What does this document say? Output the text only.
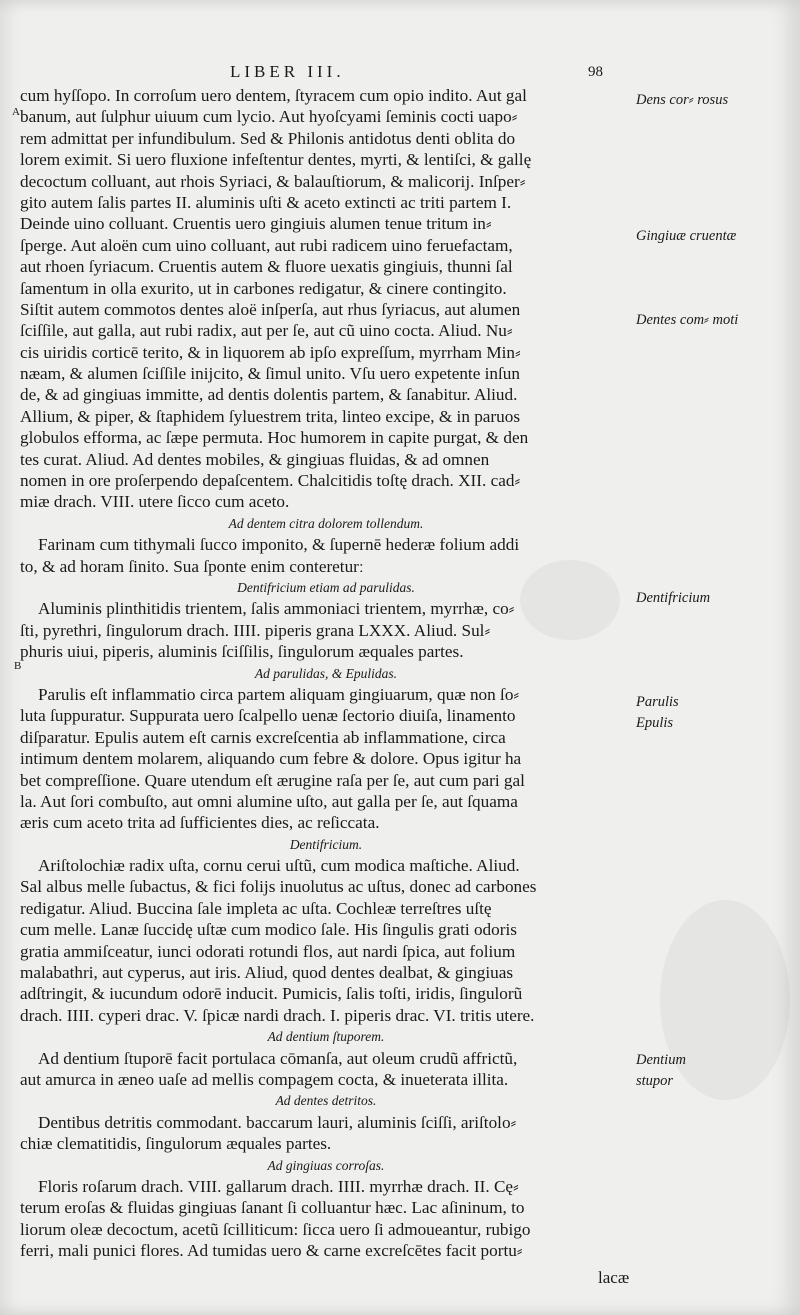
LIBER III.	98
A
B
cum hyſſopo. In corroſum uero dentem, ſtyracem cum opio indito. Aut gal
banum, aut ſulphur uiuum cum lycio. Aut hyoſcyami ſeminis cocti uapo⸗
rem admittat per infundibulum. Sed & Philonis antidotus denti oblita do
lorem eximit. Si uero fluxione infeſtentur dentes, myrti, & lentiſci, & gallę
decoctum colluant, aut rhois Syriaci, & balauſtiorum, & malicorij. Inſper⸗
gito autem ſalis partes II. aluminis uſti & aceto extincti ac triti partem I.
Deinde uino colluant. Cruentis uero gingiuis alumen tenue tritum in⸗
ſperge. Aut aloën cum uino colluant, aut rubi radicem uino feruefactam,
aut rhoen ſyriacum. Cruentis autem & fluore uexatis gingiuis, thunni ſal
ſamentum in olla exurito, ut in carbones redigatur, & cinere contingito.
Siſtit autem commotos dentes aloë inſperſa, aut rhus ſyriacus, aut alumen
ſciſſile, aut galla, aut rubi radix, aut per ſe, aut cũ uino cocta. Aliud. Nu⸗
cis uiridis corticē terito, & in liquorem ab ipſo expreſſum, myrrham Min⸗
næam, & alumen ſciſſile inijcito, & ſimul unito. Vſu uero expetente inſun
de, & ad gingiuas immitte, ad dentis dolentis partem, & ſanabitur. Aliud.
Allium, & piper, & ſtaphidem ſyluestrem trita, linteo excipe, & in paruos
globulos efforma, ac ſæpe permuta. Hoc humorem in capite purgat, & den
tes curat. Aliud. Ad dentes mobiles, & gingiuas fluidas, & ad omnen
nomen in ore proſerpendo depaſcentem. Chalcitidis toſtę drach. XII. cad⸗
miæ drach. VIII. utere ſicco cum aceto.
Ad dentem citra dolorem tollendum.
Farinam cum tithymali ſucco imponito, & ſupernē hederæ folium addi
to, & ad horam ſinito. Sua ſponte enim contereturː
Dentifricium etiam ad parulidas.
Aluminis plinthitidis trientem, ſalis ammoniaci trientem, myrrhæ, co⸗
ſti, pyrethri, ſingulorum drach. IIII. piperis grana LXXX. Aliud. Sul⸗
phuris uiui, piperis, aluminis ſciſſilis, ſingulorum æquales partes.
Ad parulidas, & Epulidas.
Parulis eſt inflammatio circa partem aliquam gingiuarum, quæ non ſo⸗
luta ſuppuratur. Suppurata uero ſcalpello uenæ ſectorio diuiſa, linamento
diſparatur. Epulis autem eſt carnis excreſcentia ab inflammatione, circa
intimum dentem molarem, aliquando cum febre & dolore. Opus igitur ha
bet compreſſione. Quare utendum eſt ærugine raſa per ſe, aut cum pari gal
la. Aut ſori combuſto, aut omni alumine uſto, aut galla per ſe, aut ſquama
æris cum aceto trita ad ſufficientes dies, ac reſiccata.
Dentifricium.
Ariſtolochiæ radix uſta, cornu cerui uſtũ, cum modica maſtiche. Aliud.
Sal albus melle ſubactus, & fici folijs inuolutus ac uſtus, donec ad carbones
redigatur. Aliud. Buccina ſale impleta ac uſta. Cochleæ terreſtres uſtę
cum melle. Lanæ ſuccidę uſtæ cum modico ſale. His ſingulis grati odoris
gratia ammiſceatur, iunci odorati rotundi flos, aut nardi ſpica, aut folium
malabathri, aut cyperus, aut iris. Aliud, quod dentes dealbat, & gingiuas
adſtringit, & iucundum odorē inducit. Pumicis, ſalis toſti, iridis, ſingulorũ
drach. IIII. cyperi drac. V. ſpicæ nardi drach. I. piperis drac. VI. tritis utere.
Ad dentium ſtuporem.
Ad dentium ſtuporē facit portulaca cōmanſa, aut oleum crudũ affrictũ,
aut amurca in æneo uaſe ad mellis compagem cocta, & inueterata illita.
Ad dentes detritos.
Dentibus detritis commodant. baccarum lauri, aluminis ſciſſi, ariſtolo⸗
chiæ clematitidis, ſingulorum æquales partes.
Ad gingiuas corroſas.
Floris roſarum drach. VIII. gallarum drach. IIII. myrrhæ drach. II. Cę⸗
terum eroſas & fluidas gingiuas ſanant ſi colluantur hæc. Lac aſininum, to
liorum oleæ decoctum, acetũ ſcilliticum: ſicca uero ſi admoueantur, rubigo
ferri, mali punici flores. Ad tumidas uero & carne excreſcētes facit portu⸗
Dens cor⸗ rosus
Gingiuæ cruentæ
Dentes com⸗ moti
Dentifricium
Parulis
Epulis
Dentium stupor
lacæ
